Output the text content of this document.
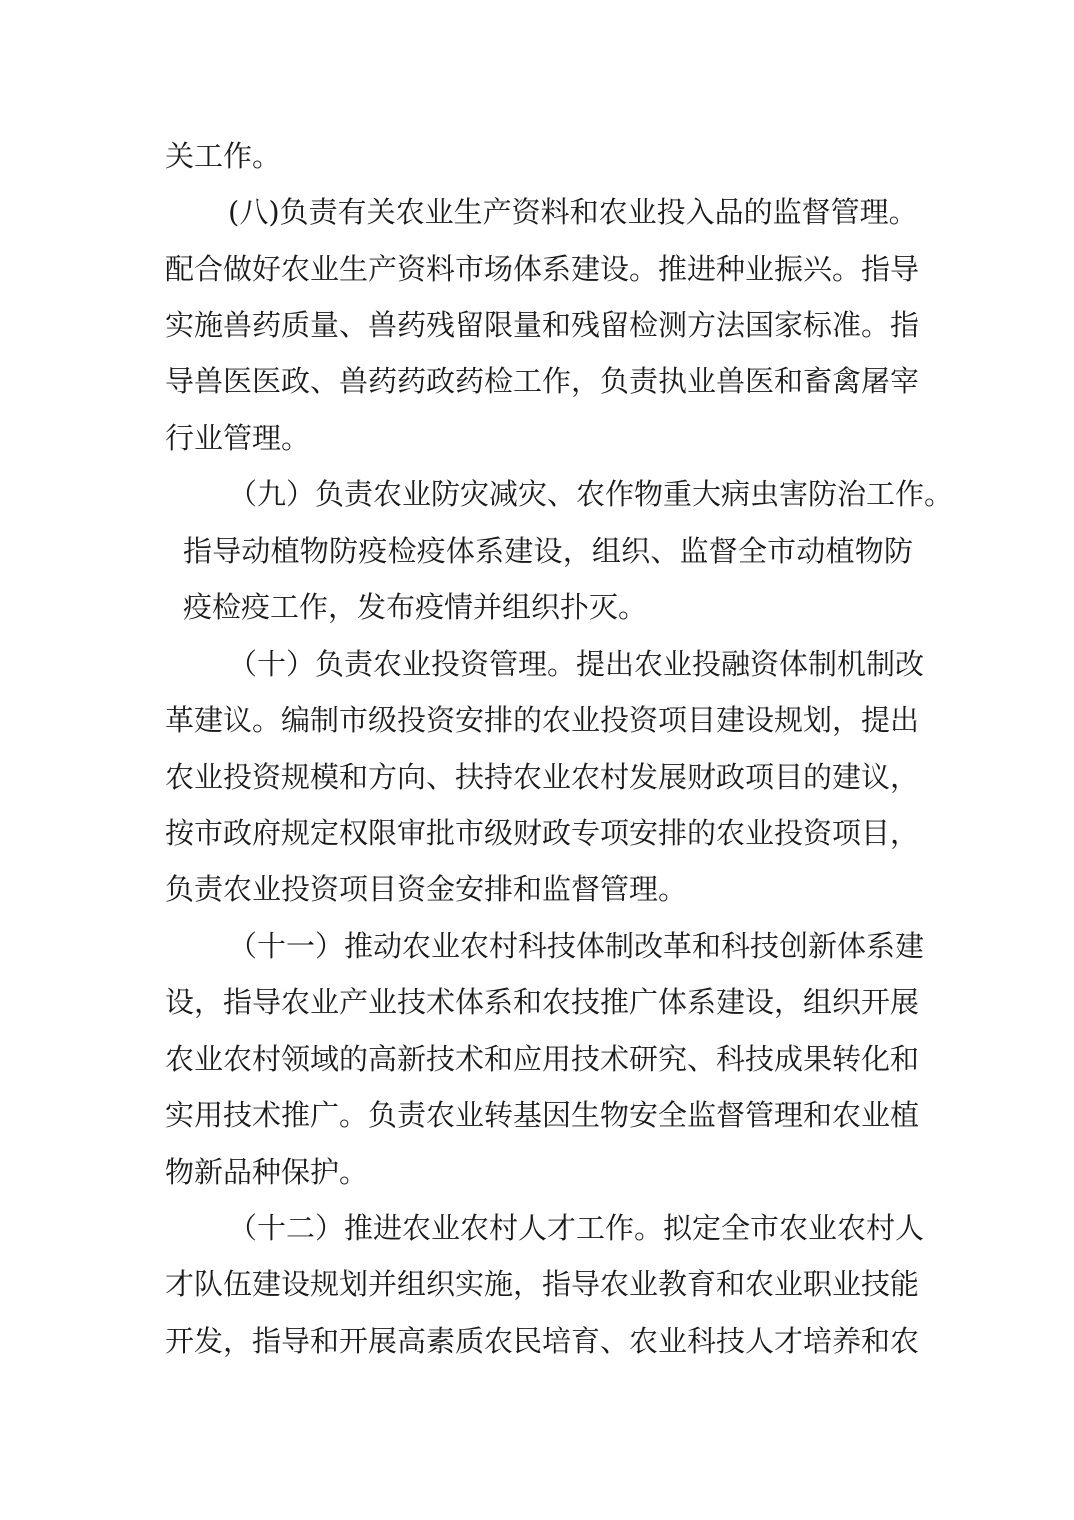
关工作。
(八)负责有关农业生产资料和农业投入品的监督管理。
配合做好农业生产资料市场体系建设。推进种业振兴。指导
实施兽药质量、兽药残留限量和残留检测方法国家标准。指
导兽医医政、兽药药政药检工作，负责执业兽医和畜禽屠宰
行业管理。
（九）负责农业防灾减灾、农作物重大病虫害防治工作。
指导动植物防疫检疫体系建设，组织、监督全市动植物防
疫检疫工作，发布疫情并组织扑灭。
（十）负责农业投资管理。提出农业投融资体制机制改
革建议。编制市级投资安排的农业投资项目建设规划，提出
农业投资规模和方向、扶持农业农村发展财政项目的建议，
按市政府规定权限审批市级财政专项安排的农业投资项目，
负责农业投资项目资金安排和监督管理。
（十一）推动农业农村科技体制改革和科技创新体系建
设，指导农业产业技术体系和农技推广体系建设，组织开展
农业农村领域的高新技术和应用技术研究、科技成果转化和
实用技术推广。负责农业转基因生物安全监督管理和农业植
物新品种保护。
（十二）推进农业农村人才工作。拟定全市农业农村人
才队伍建设规划并组织实施，指导农业教育和农业职业技能
开发，指导和开展高素质农民培育、农业科技人才培养和农
